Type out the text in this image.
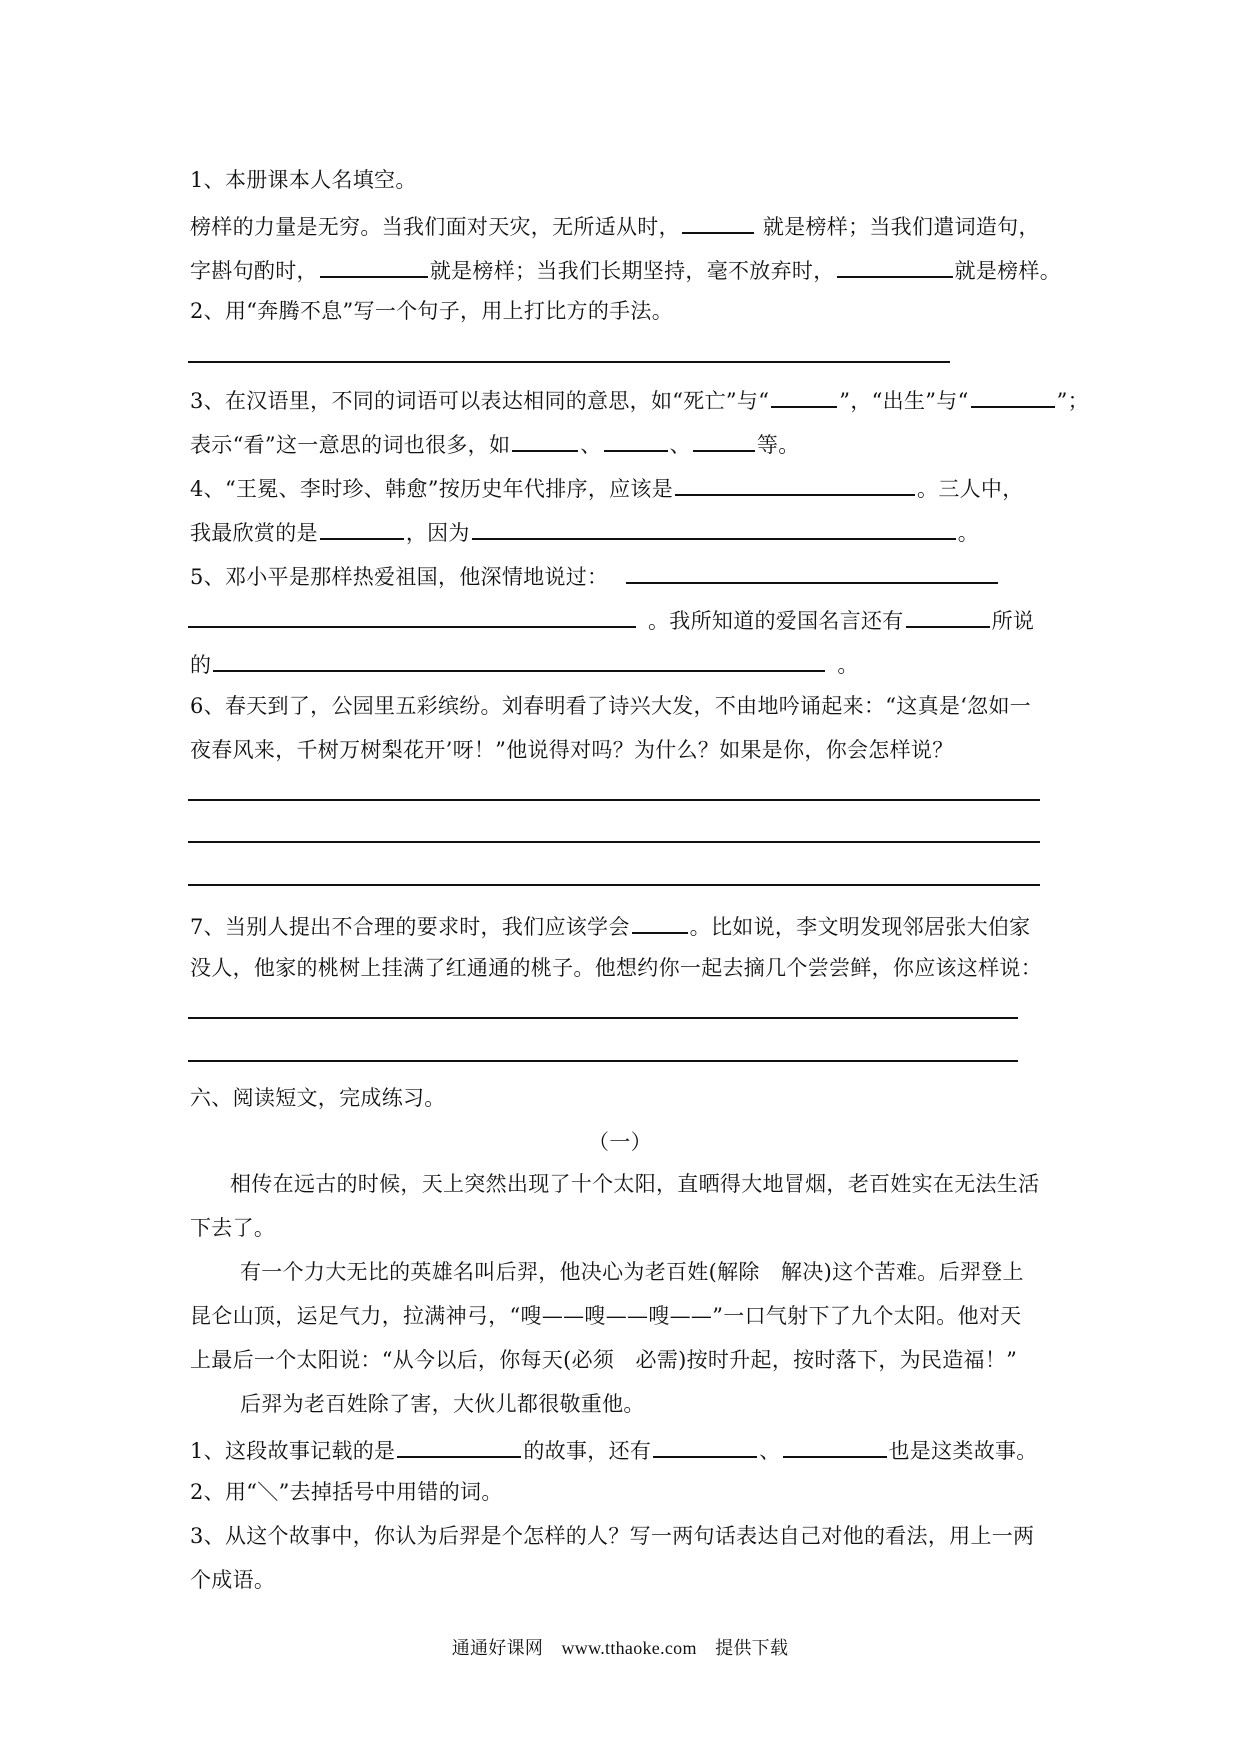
1、本册课本人名填空。
榜样的力量是无穷。当我们面对天灾，无所适从时，	就是榜样；当我们遣词造句，
字斟句酌时，	就是榜样；当我们长期坚持，毫不放弃时，	就是榜样。
2、用“奔腾不息”写一个句子，用上打比方的手法。
3、在汉语里，不同的词语可以表达相同的意思，如“死亡”与“	”，“出生”与“	”；
表示“看”这一意思的词也很多，如	、	、	等。
4、“王冕、李时珍、韩愈”按历史年代排序，应该是	。三人中，
我最欣赏的是	，因为	。
5、邓小平是那样热爱祖国，他深情地说过：
。我所知道的爱国名言还有	所说
的	。
6、春天到了，公园里五彩缤纷。刘春明看了诗兴大发，不由地吟诵起来：“这真是‘忽如一
夜春风来，千树万树梨花开’呀！”他说得对吗？为什么？如果是你，你会怎样说？
7、当别人提出不合理的要求时，我们应该学会	。比如说，李文明发现邻居张大伯家
没人，他家的桃树上挂满了红通通的桃子。他想约你一起去摘几个尝尝鲜，你应该这样说：
六、阅读短文，完成练习。
（一）
相传在远古的时候，天上突然出现了十个太阳，直晒得大地冒烟，老百姓实在无法生活
下去了。
有一个力大无比的英雄名叫后羿，他决心为老百姓(解除　解决)这个苦难。后羿登上
昆仑山顶，运足气力，拉满神弓，“嗖——嗖——嗖——”一口气射下了九个太阳。他对天
上最后一个太阳说：“从今以后，你每天(必须　必需)按时升起，按时落下，为民造福！”
后羿为老百姓除了害，大伙儿都很敬重他。
1、这段故事记载的是	的故事，还有	、	也是这类故事。
2、用“＼”去掉括号中用错的词。
3、从这个故事中，你认为后羿是个怎样的人？写一两句话表达自己对他的看法，用上一两
个成语。
通通好课网　www.tthaoke.com　提供下载
